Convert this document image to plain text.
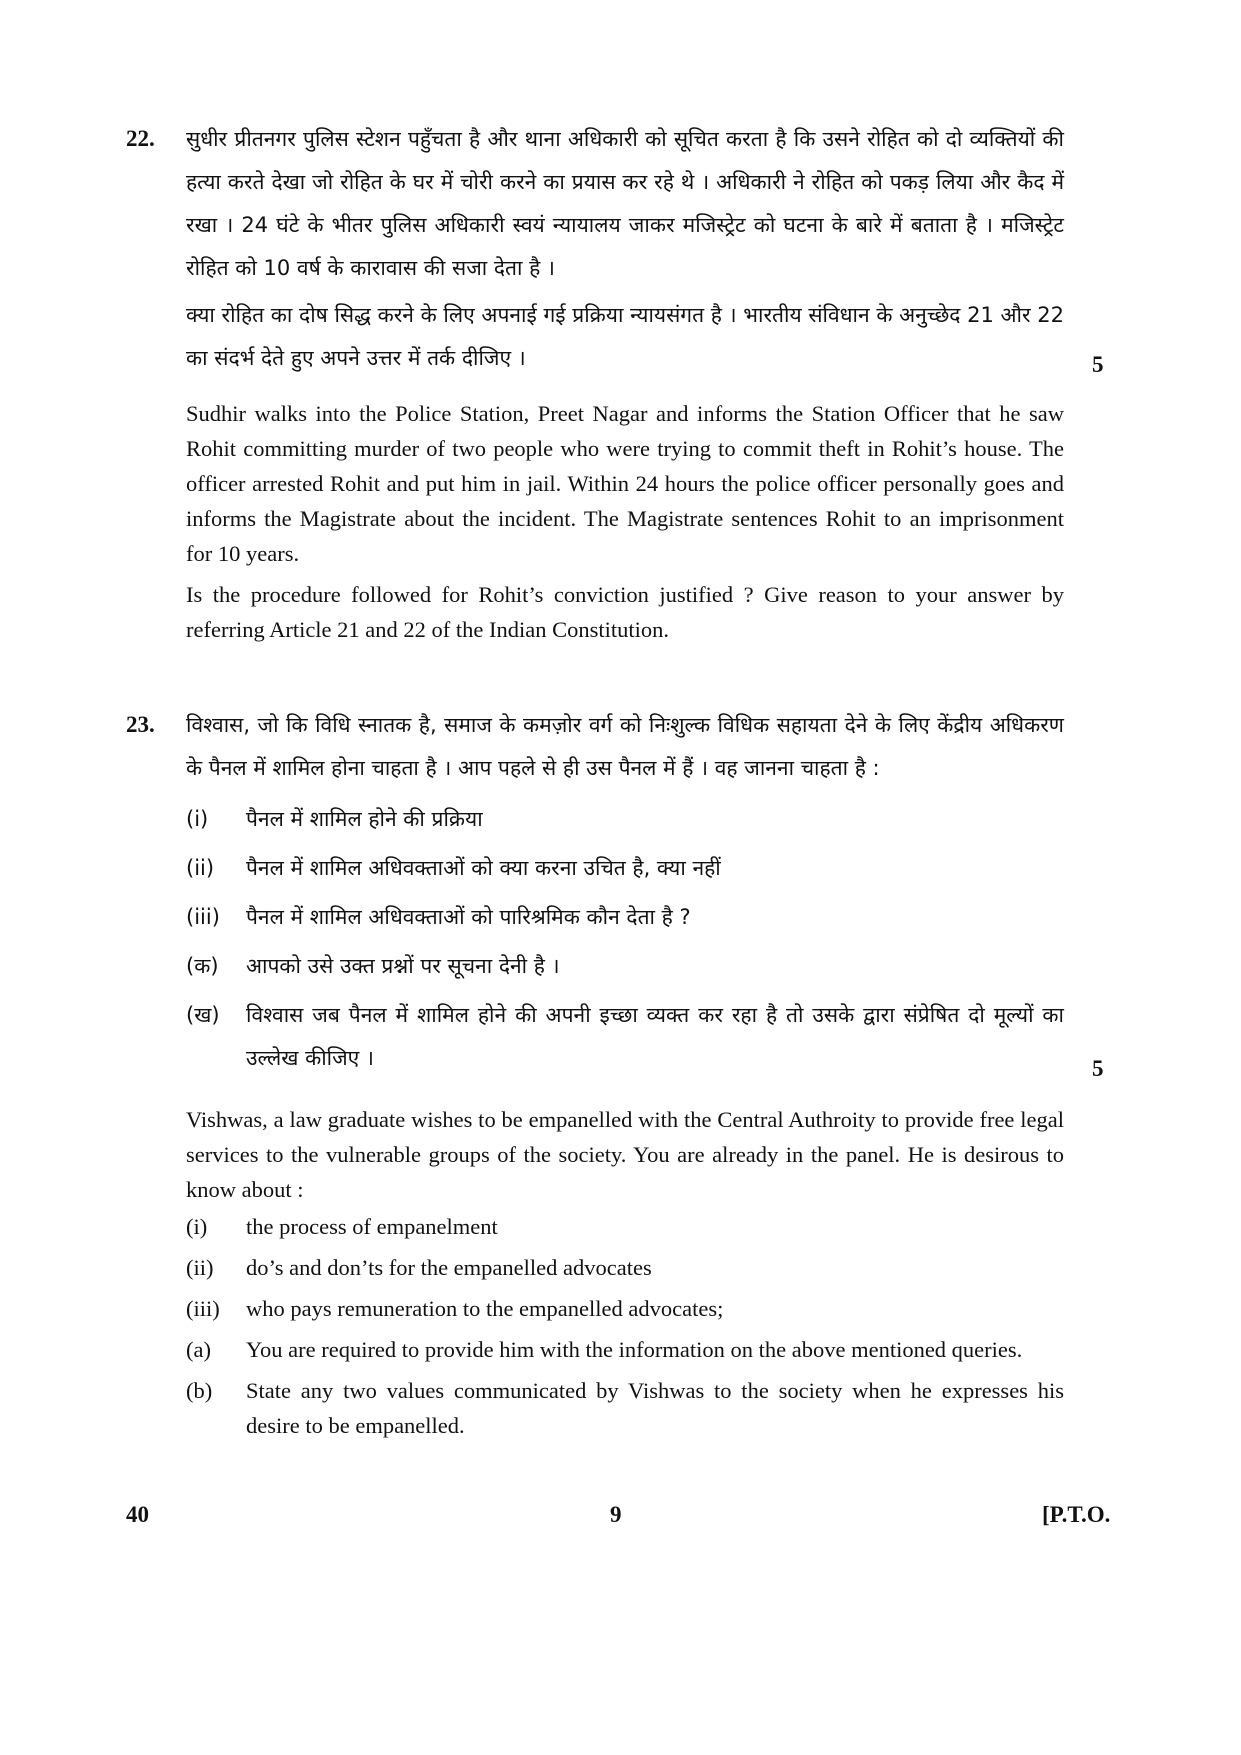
22. सुधीर प्रीतनगर पुलिस स्टेशन पहुँचता है और थाना अधिकारी को सूचित करता है कि उसने रोहित को दो व्यक्तियों की हत्या करते देखा जो रोहित के घर में चोरी करने का प्रयास कर रहे थे । अधिकारी ने रोहित को पकड़ लिया और कैद में रखा । 24 घंटे के भीतर पुलिस अधिकारी स्वयं न्यायालय जाकर मजिस्ट्रेट को घटना के बारे में बताता है । मजिस्ट्रेट रोहित को 10 वर्ष के कारावास की सजा देता है ।

क्या रोहित का दोष सिद्ध करने के लिए अपनाई गई प्रक्रिया न्यायसंगत है । भारतीय संविधान के अनुच्छेद 21 और 22 का संदर्भ देते हुए अपने उत्तर में तर्क दीजिए ।	5

Sudhir walks into the Police Station, Preet Nagar and informs the Station Officer that he saw Rohit committing murder of two people who were trying to commit theft in Rohit’s house. The officer arrested Rohit and put him in jail. Within 24 hours the police officer personally goes and informs the Magistrate about the incident. The Magistrate sentences Rohit to an imprisonment for 10 years.

Is the procedure followed for Rohit’s conviction justified ? Give reason to your answer by referring Article 21 and 22 of the Indian Constitution.

23. विश्वास, जो कि विधि स्नातक है, समाज के कमज़ोर वर्ग को निःशुल्क विधिक सहायता देने के लिए केंद्रीय अधिकरण के पैनल में शामिल होना चाहता है । आप पहले से ही उस पैनल में हैं । वह जानना चाहता है :

(i) पैनल में शामिल होने की प्रक्रिया

(ii) पैनल में शामिल अधिवक्ताओं को क्या करना उचित है, क्या नहीं

(iii) पैनल में शामिल अधिवक्ताओं को पारिश्रमिक कौन देता है ?

(क) आपको उसे उक्त प्रश्नों पर सूचना देनी है ।

(ख) विश्वास जब पैनल में शामिल होने की अपनी इच्छा व्यक्त कर रहा है तो उसके द्वारा संप्रेषित दो मूल्यों का उल्लेख कीजिए ।	5

Vishwas, a law graduate wishes to be empanelled with the Central Authroity to provide free legal services to the vulnerable groups of the society. You are already in the panel. He is desirous to know about :

(i) the process of empanelment

(ii) do’s and don’ts for the empanelled advocates

(iii) who pays remuneration to the empanelled advocates;

(a) You are required to provide him with the information on the above mentioned queries.

(b) State any two values communicated by Vishwas to the society when he expresses his desire to be empanelled.

40	9	[P.T.O.
